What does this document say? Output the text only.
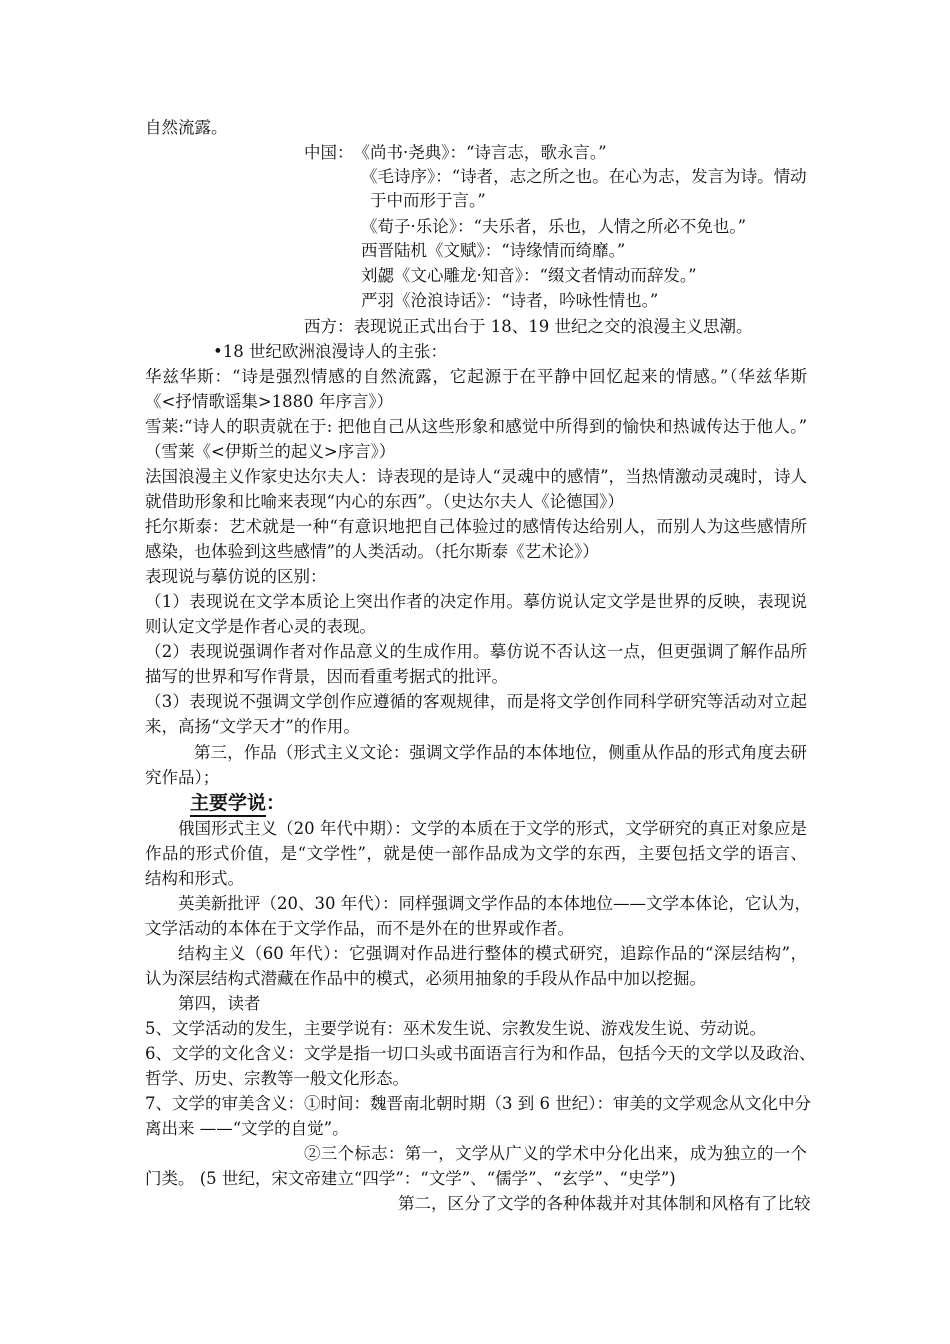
自然流露。
中国：　《尚书·尧典》：“诗言志，歌永言。”
《毛诗序》：“诗者，志之所之也。在心为志，发言为诗。情动
于中而形于言。”
《荀子·乐论》：“夫乐者，乐也，人情之所必不免也。”
西晋陆机《文赋》：“诗缘情而绮靡。”
刘勰《文心雕龙·知音》：“缀文者情动而辞发。”
严羽《沧浪诗话》：“诗者，吟咏性情也。”
西方：表现说正式出台于 18、19 世纪之交的浪漫主义思潮。
•18 世纪欧洲浪漫诗人的主张：
华兹华斯：“诗是强烈情感的自然流露，它起源于在平静中回忆起来的情感。”（华兹华斯
《<抒情歌谣集>1880 年序言》）
雪莱:“诗人的职责就在于: 把他自己从这些形象和感觉中所得到的愉快和热诚传达于他人。”
（雪莱《<伊斯兰的起义>序言》）
法国浪漫主义作家史达尔夫人：诗表现的是诗人“灵魂中的感情”，当热情激动灵魂时，诗人
就借助形象和比喻来表现“内心的东西”。（史达尔夫人《论德国》）
托尔斯泰：艺术就是一种“有意识地把自己体验过的感情传达给别人，而别人为这些感情所
感染，也体验到这些感情”的人类活动。（托尔斯泰《艺术论》）
表现说与摹仿说的区别：
（1）表现说在文学本质论上突出作者的决定作用。摹仿说认定文学是世界的反映，表现说
则认定文学是作者心灵的表现。
（2）表现说强调作者对作品意义的生成作用。摹仿说不否认这一点，但更强调了解作品所
描写的世界和写作背景，因而看重考据式的批评。
（3）表现说不强调文学创作应遵循的客观规律，而是将文学创作同科学研究等活动对立起
来，高扬“文学天才”的作用。
第三，作品（形式主义文论：强调文学作品的本体地位，侧重从作品的形式角度去研
究作品）；
主要学说：
俄国形式主义（20 年代中期）：文学的本质在于文学的形式，文学研究的真正对象应是
作品的形式价值，是“文学性”，就是使一部作品成为文学的东西，主要包括文学的语言、
结构和形式。
英美新批评（20、30 年代）：同样强调文学作品的本体地位——文学本体论，它认为，
文学活动的本体在于文学作品，而不是外在的世界或作者。
结构主义（60 年代）：它强调对作品进行整体的模式研究，追踪作品的“深层结构”，
认为深层结构式潜藏在作品中的模式，必须用抽象的手段从作品中加以挖掘。
第四，读者
5、文学活动的发生，主要学说有：巫术发生说、宗教发生说、游戏发生说、劳动说。
6、文学的文化含义：文学是指一切口头或书面语言行为和作品，包括今天的文学以及政治、
哲学、历史、宗教等一般文化形态。
7、文学的审美含义：①时间：魏晋南北朝时期（3 到 6 世纪）：审美的文学观念从文化中分
离出来 ——“文学的自觉”。
②三个标志：第一，文学从广义的学术中分化出来，成为独立的一个
门类。 (5 世纪，宋文帝建立“四学”：“文学”、“儒学”、“玄学”、“史学”)
第二，区分了文学的各种体裁并对其体制和风格有了比较
